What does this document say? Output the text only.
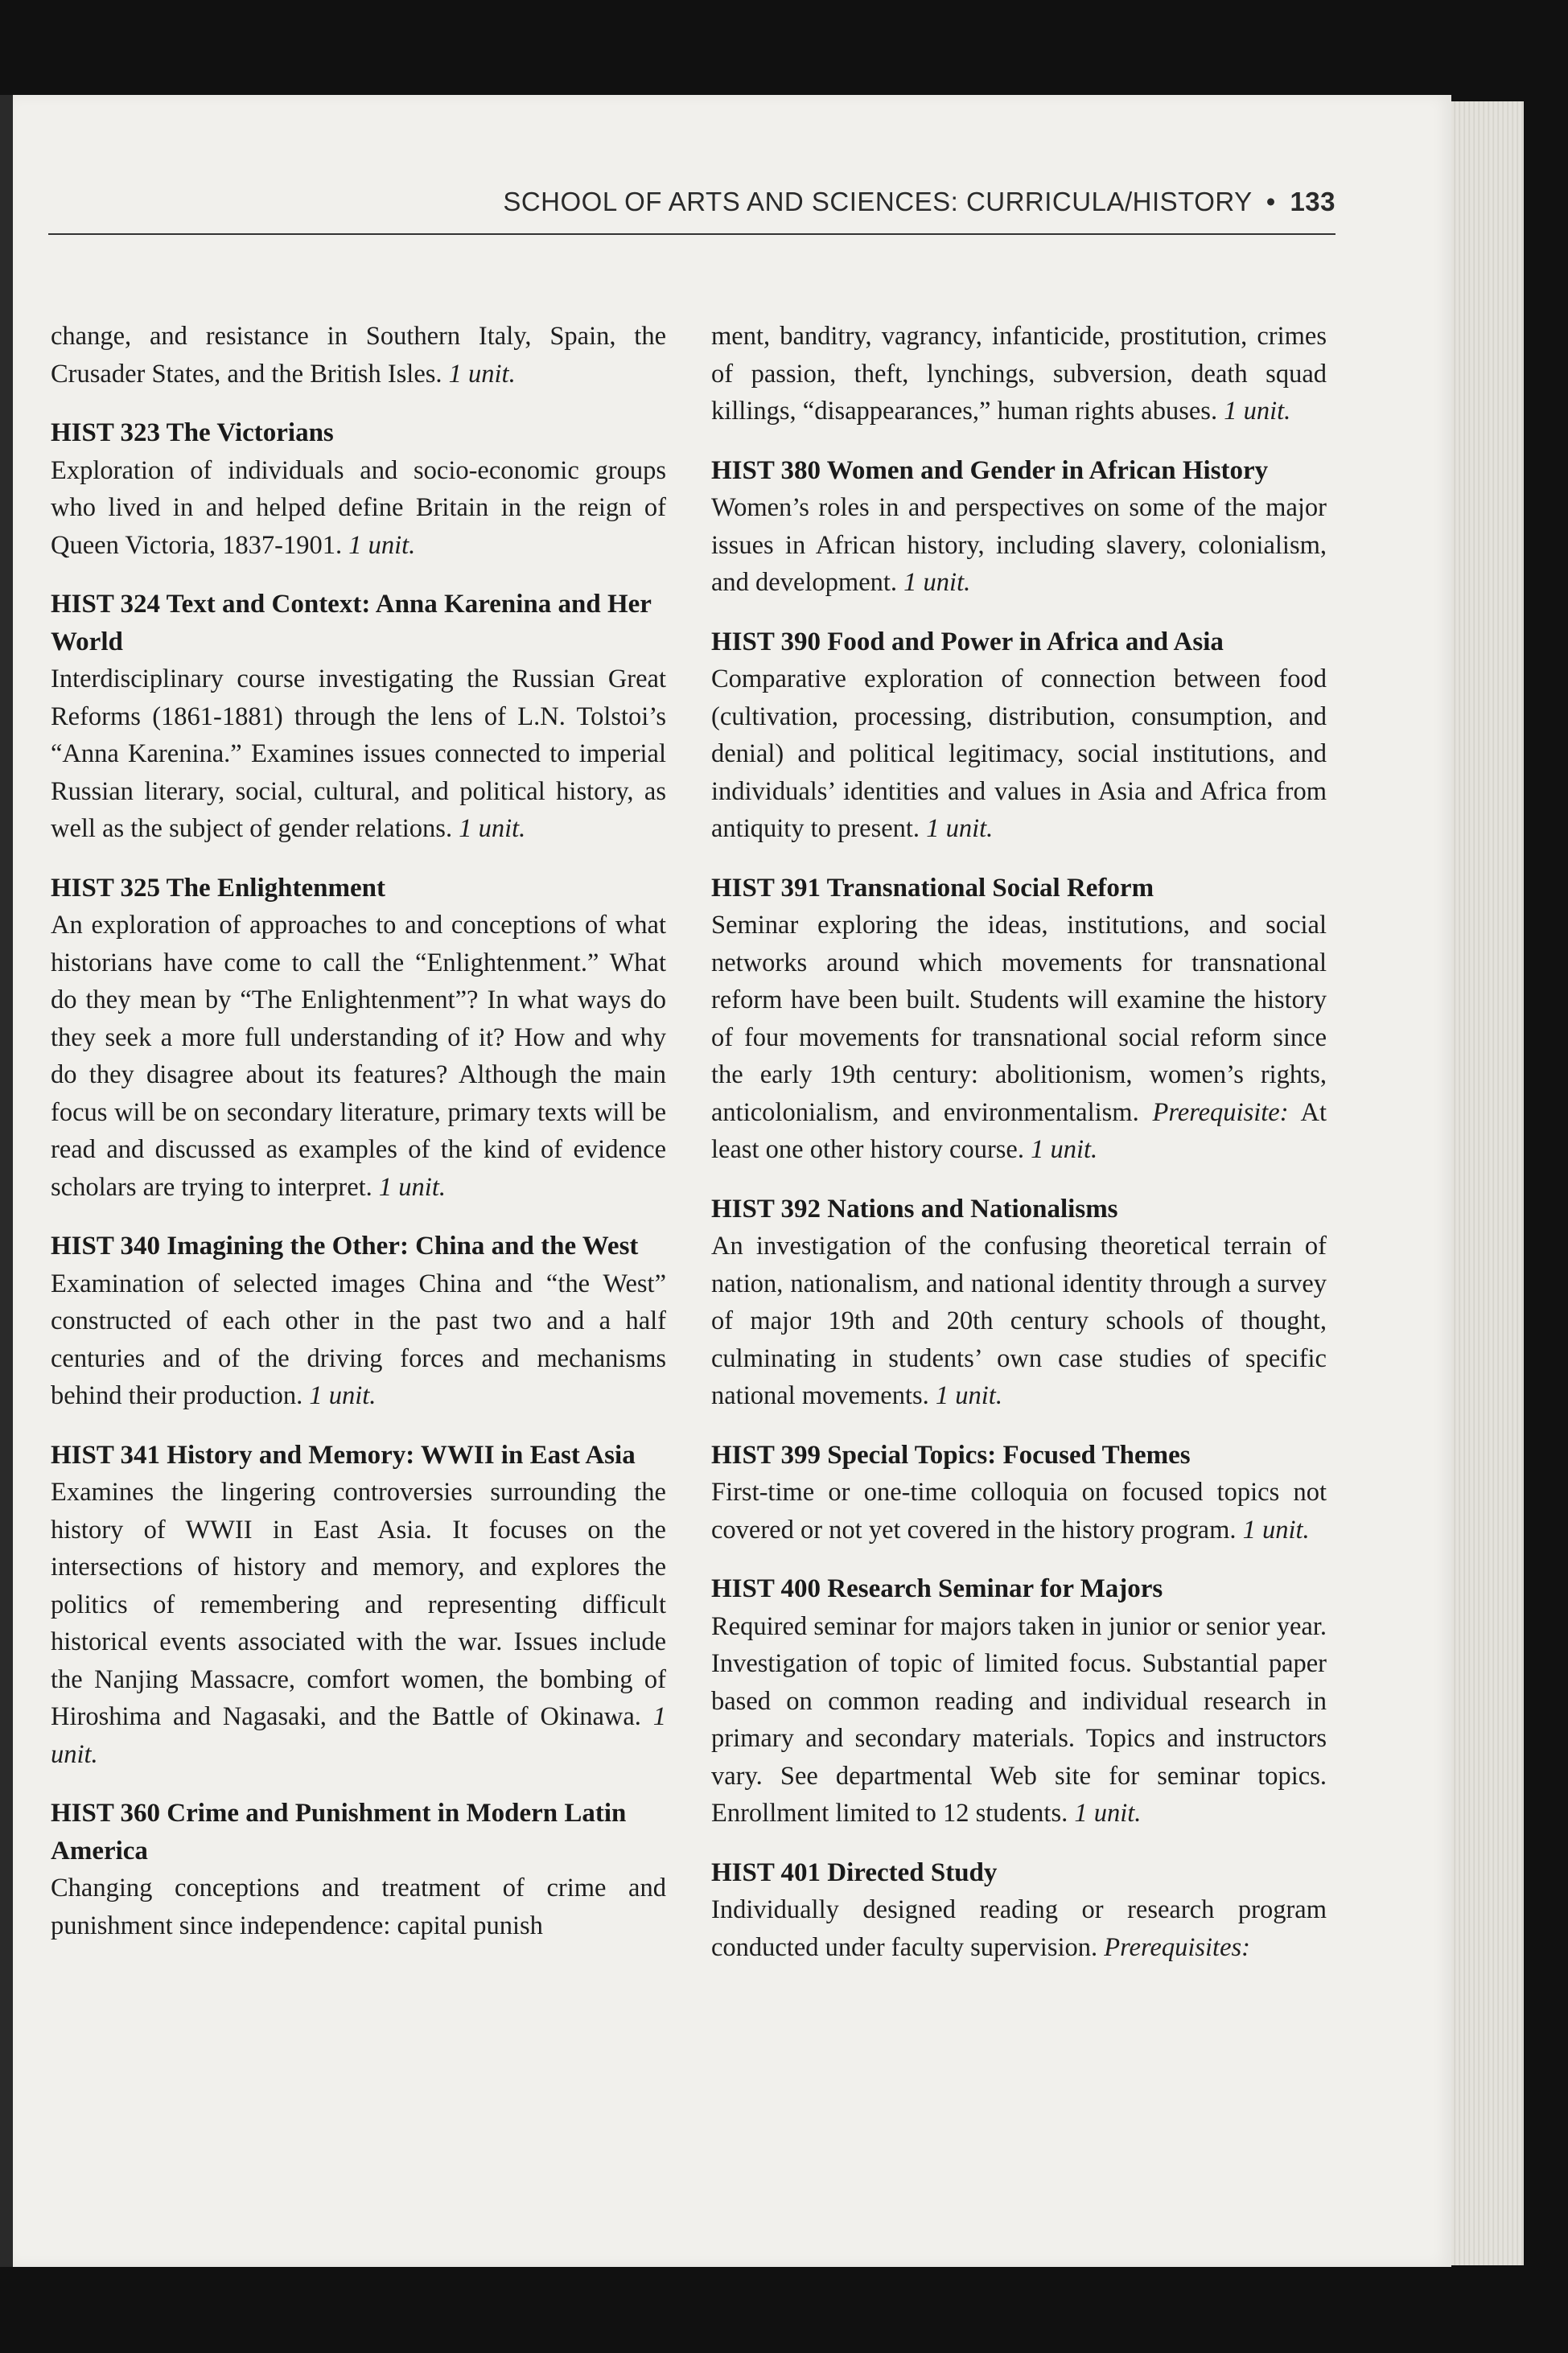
SCHOOL OF ARTS AND SCIENCES: CURRICULA/HISTORY • 133

change, and resistance in Southern Italy, Spain, the Crusader States, and the British Isles. 1 unit.

HIST 323 The Victorians

Exploration of individuals and socio-economic groups who lived in and helped define Britain in the reign of Queen Victoria, 1837-1901. 1 unit.

HIST 324 Text and Context: Anna Karenina and Her World

Interdisciplinary course investigating the Russian Great Reforms (1861-1881) through the lens of L.N. Tolstoi’s “Anna Karenina.” Examines issues connected to imperial Russian literary, social, cultural, and political history, as well as the subject of gender relations. 1 unit.

HIST 325 The Enlightenment

An exploration of approaches to and conceptions of what historians have come to call the “Enlightenment.” What do they mean by “The Enlightenment”? In what ways do they seek a more full understanding of it? How and why do they disagree about its features? Although the main focus will be on secondary literature, primary texts will be read and discussed as examples of the kind of evidence scholars are trying to interpret. 1 unit.

HIST 340 Imagining the Other: China and the West

Examination of selected images China and “the West” constructed of each other in the past two and a half centuries and of the driving forces and mechanisms behind their production. 1 unit.

HIST 341 History and Memory: WWII in East Asia

Examines the lingering controversies surrounding the history of WWII in East Asia. It focuses on the intersections of history and memory, and explores the politics of remembering and representing difficult historical events associated with the war. Issues include the Nanjing Massacre, comfort women, the bombing of Hiroshima and Nagasaki, and the Battle of Okinawa. 1 unit.

HIST 360 Crime and Punishment in Modern Latin America

Changing conceptions and treatment of crime and punishment since independence: capital punish

ment, banditry, vagrancy, infanticide, prostitution, crimes of passion, theft, lynchings, subversion, death squad killings, “disappearances,” human rights abuses. 1 unit.

HIST 380 Women and Gender in African History

Women’s roles in and perspectives on some of the major issues in African history, including slavery, colonialism, and development. 1 unit.

HIST 390 Food and Power in Africa and Asia

Comparative exploration of connection between food (cultivation, processing, distribution, consumption, and denial) and political legitimacy, social institutions, and individuals’ identities and values in Asia and Africa from antiquity to present. 1 unit.

HIST 391 Transnational Social Reform

Seminar exploring the ideas, institutions, and social networks around which movements for transnational reform have been built. Students will examine the history of four movements for transnational social reform since the early 19th century: abolitionism, women’s rights, anticolonialism, and environmentalism. Prerequisite: At least one other history course. 1 unit.

HIST 392 Nations and Nationalisms

An investigation of the confusing theoretical terrain of nation, nationalism, and national identity through a survey of major 19th and 20th century schools of thought, culminating in students’ own case studies of specific national movements. 1 unit.

HIST 399 Special Topics: Focused Themes

First-time or one-time colloquia on focused topics not covered or not yet covered in the history program. 1 unit.

HIST 400 Research Seminar for Majors

Required seminar for majors taken in junior or senior year. Investigation of topic of limited focus. Substantial paper based on common reading and individual research in primary and secondary materials. Topics and instructors vary. See departmental Web site for seminar topics. Enrollment limited to 12 students. 1 unit.

HIST 401 Directed Study

Individually designed reading or research program conducted under faculty supervision. Prerequisites:
